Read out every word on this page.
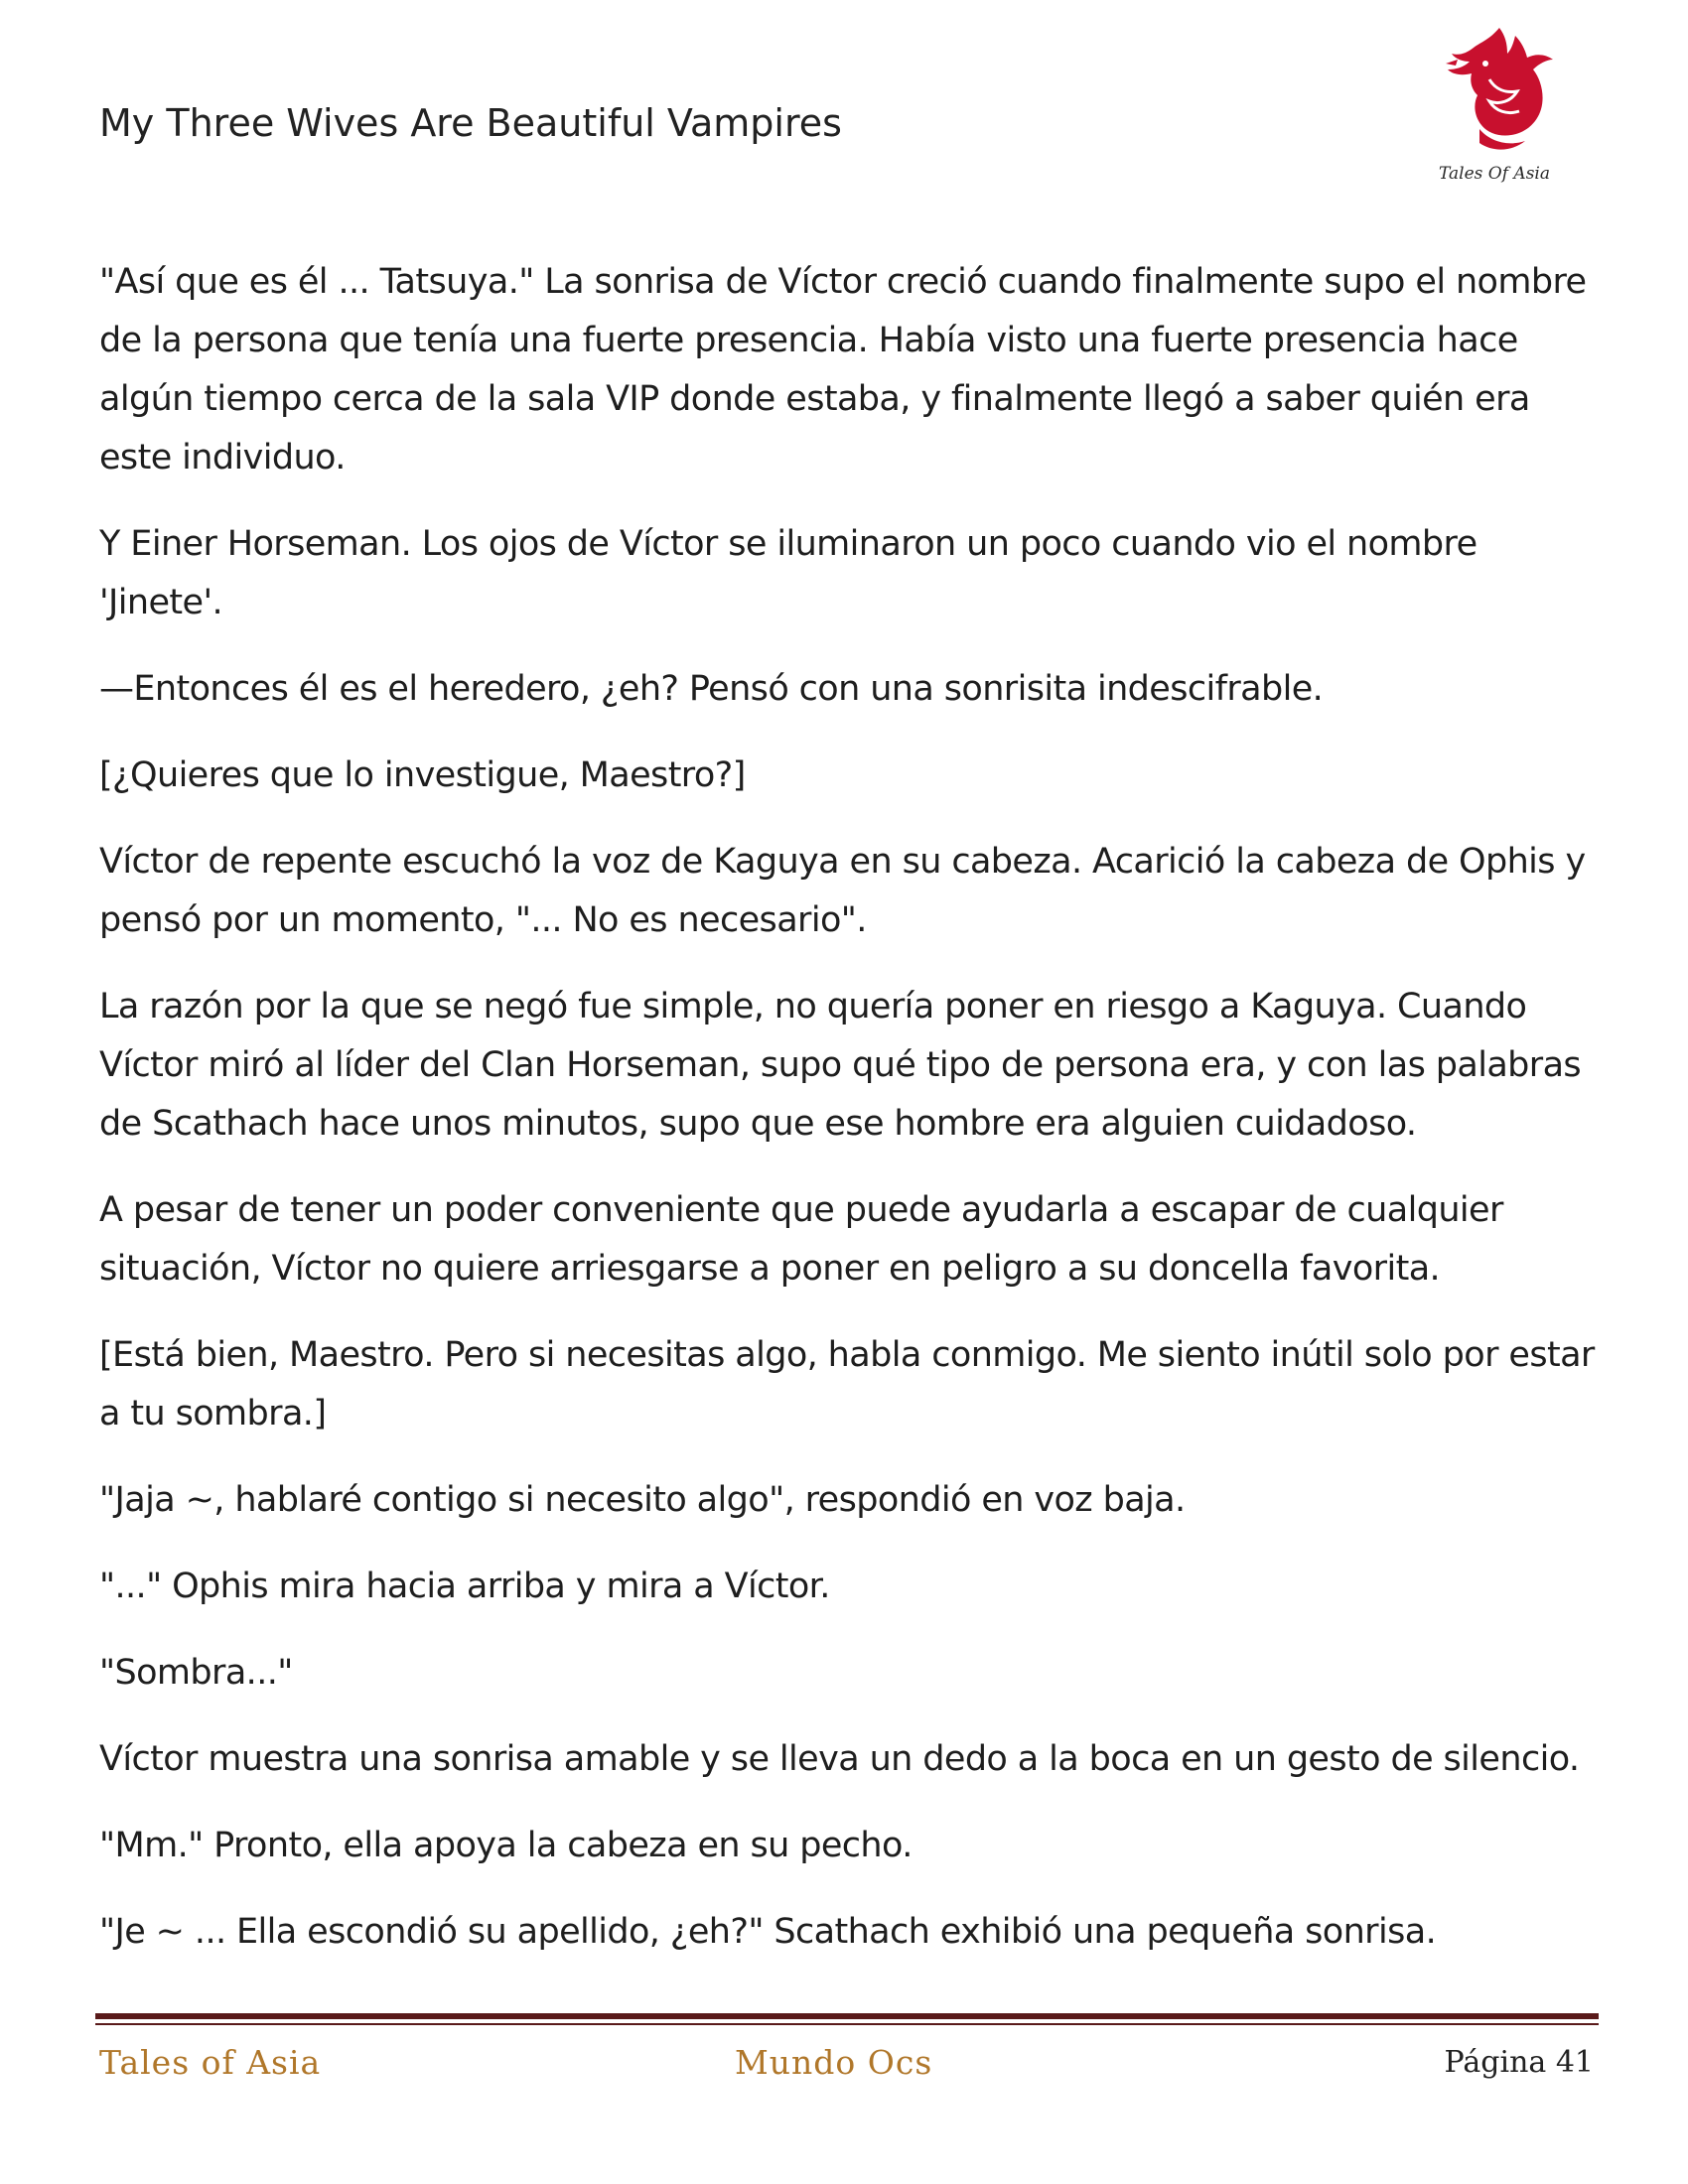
My Three Wives Are Beautiful Vampires
Tales Of Asia

"Así que es él ... Tatsuya." La sonrisa de Víctor creció cuando finalmente supo el nombre de la persona que tenía una fuerte presencia. Había visto una fuerte presencia hace algún tiempo cerca de la sala VIP donde estaba, y finalmente llegó a saber quién era este individuo.

Y Einer Horseman. Los ojos de Víctor se iluminaron un poco cuando vio el nombre 'Jinete'.

—Entonces él es el heredero, ¿eh? Pensó con una sonrisita indescifrable.

[¿Quieres que lo investigue, Maestro?]

Víctor de repente escuchó la voz de Kaguya en su cabeza. Acarició la cabeza de Ophis y pensó por un momento, "... No es necesario".

La razón por la que se negó fue simple, no quería poner en riesgo a Kaguya. Cuando Víctor miró al líder del Clan Horseman, supo qué tipo de persona era, y con las palabras de Scathach hace unos minutos, supo que ese hombre era alguien cuidadoso.

A pesar de tener un poder conveniente que puede ayudarla a escapar de cualquier situación, Víctor no quiere arriesgarse a poner en peligro a su doncella favorita.

[Está bien, Maestro. Pero si necesitas algo, habla conmigo. Me siento inútil solo por estar a tu sombra.]

"Jaja ~, hablaré contigo si necesito algo", respondió en voz baja.

"..." Ophis mira hacia arriba y mira a Víctor.

"Sombra..."

Víctor muestra una sonrisa amable y se lleva un dedo a la boca en un gesto de silencio.

"Mm." Pronto, ella apoya la cabeza en su pecho.

"Je ~ ... Ella escondió su apellido, ¿eh?" Scathach exhibió una pequeña sonrisa.

Tales of Asia	Mundo Ocs	Página 41
